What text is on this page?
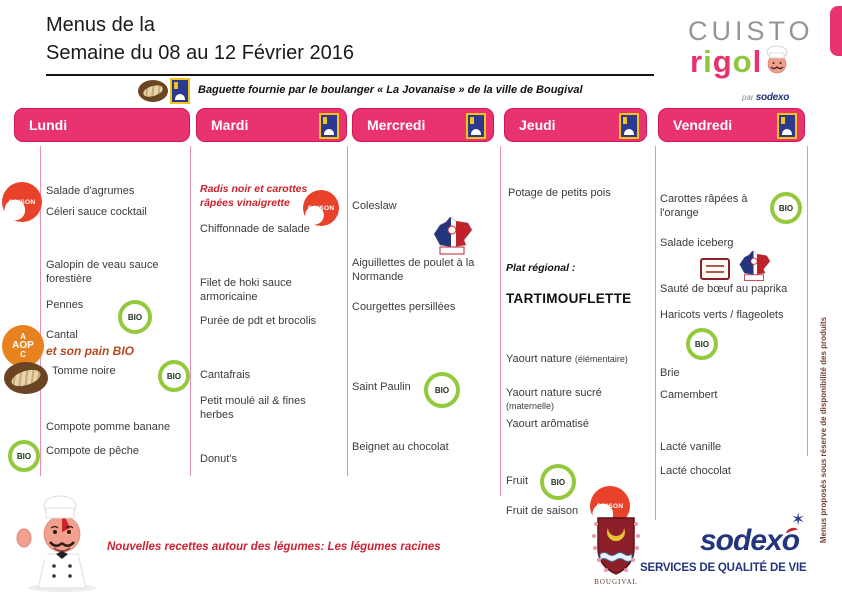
Menus de la
Semaine du 08 au 12 Février 2016
CUISTO
rigol
par sodexo
Baguette fournie par le boulanger « La Jovanaise » de la ville de Bougival
Lundi	Mardi	Mercredi	Jeudi	Vendredi
SAISON
Salade d'agrumes
Céleri sauce cocktail
Galopin de veau sauce forestière
Pennes
BIO
A
AOP
C
Cantal
et son pain BIO
Tomme noire	BIO
Compote pomme banane
BIO Compote de pêche
Radis noir et carottes râpées vinaigrette	SAISON
Chiffonnade de salade
Filet de hoki sauce armoricaine
Purée de pdt et brocolis
Cantafrais
Petit moulé ail & fines herbes
Donut's
Coleslaw
Aiguillettes de poulet à la Normande
Courgettes persillées
Saint Paulin	BIO
Beignet au chocolat
Potage de petits pois
Plat régional :
TARTIMOUFLETTE
Yaourt nature (élémentaire)
Yaourt nature sucré
(maternelle)
Yaourt arômatisé
Fruit	BIO
Fruit de saison	SAISON
Carottes râpées à l'orange	BIO
Salade iceberg
Sauté de bœuf au paprika
Haricots verts / flageolets
BIO
Brie
Camembert
Lacté vanille
Lacté chocolat	Menus proposés sous réserve de disponibilité des produits
Nouvelles recettes autour des légumes: Les légumes racines
BOUGIVAL
sodexo
✶
SERVICES DE QUALITÉ DE VIE
